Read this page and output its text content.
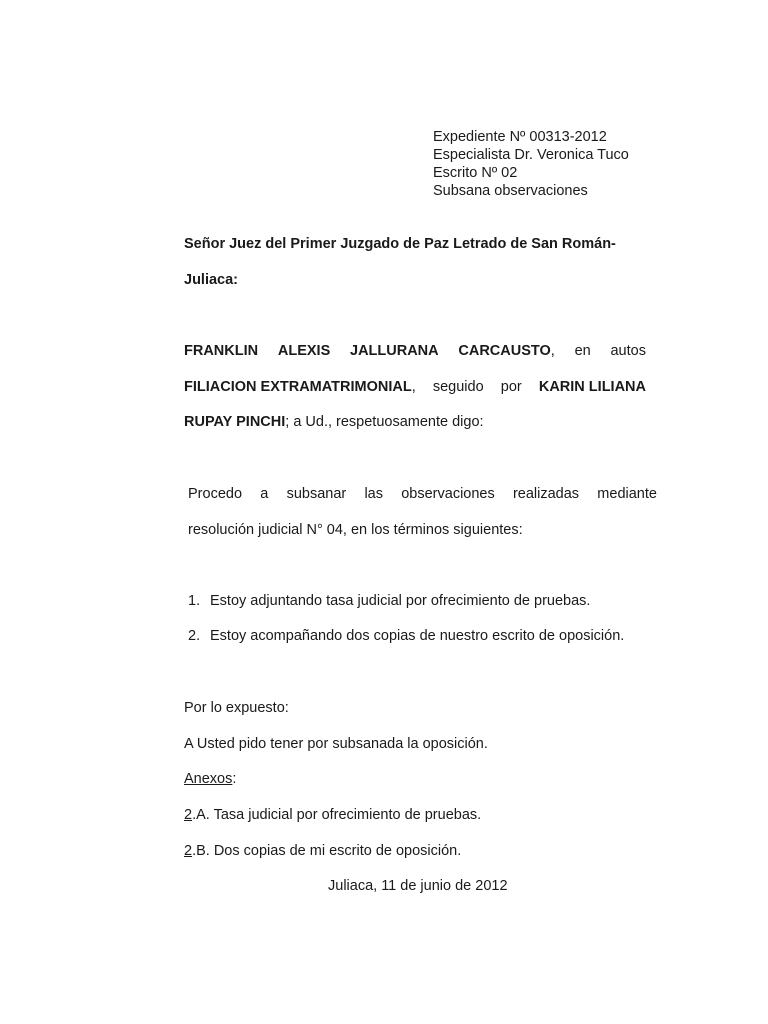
Expediente Nº 00313-2012
Especialista Dr. Veronica Tuco
Escrito Nº 02
Subsana observaciones
Señor Juez del Primer Juzgado de Paz Letrado de San Román-
Juliaca:
FRANKLIN ALEXIS JALLURANA CARCAUSTO, en autos
FILIACION EXTRAMATRIMONIAL, seguido por KARIN LILIANA
RUPAY PINCHI; a Ud., respetuosamente digo:
Procedo a subsanar las observaciones realizadas mediante
resolución judicial N° 04, en los términos siguientes:
1. Estoy adjuntando tasa judicial por ofrecimiento de pruebas.
2. Estoy acompañando dos copias de nuestro escrito de oposición.
Por lo expuesto:
A Usted pido tener por subsanada la oposición.
Anexos:
2.A. Tasa judicial por ofrecimiento de pruebas.
2.B. Dos copias de mi escrito de oposición.
Juliaca, 11 de junio de 2012
